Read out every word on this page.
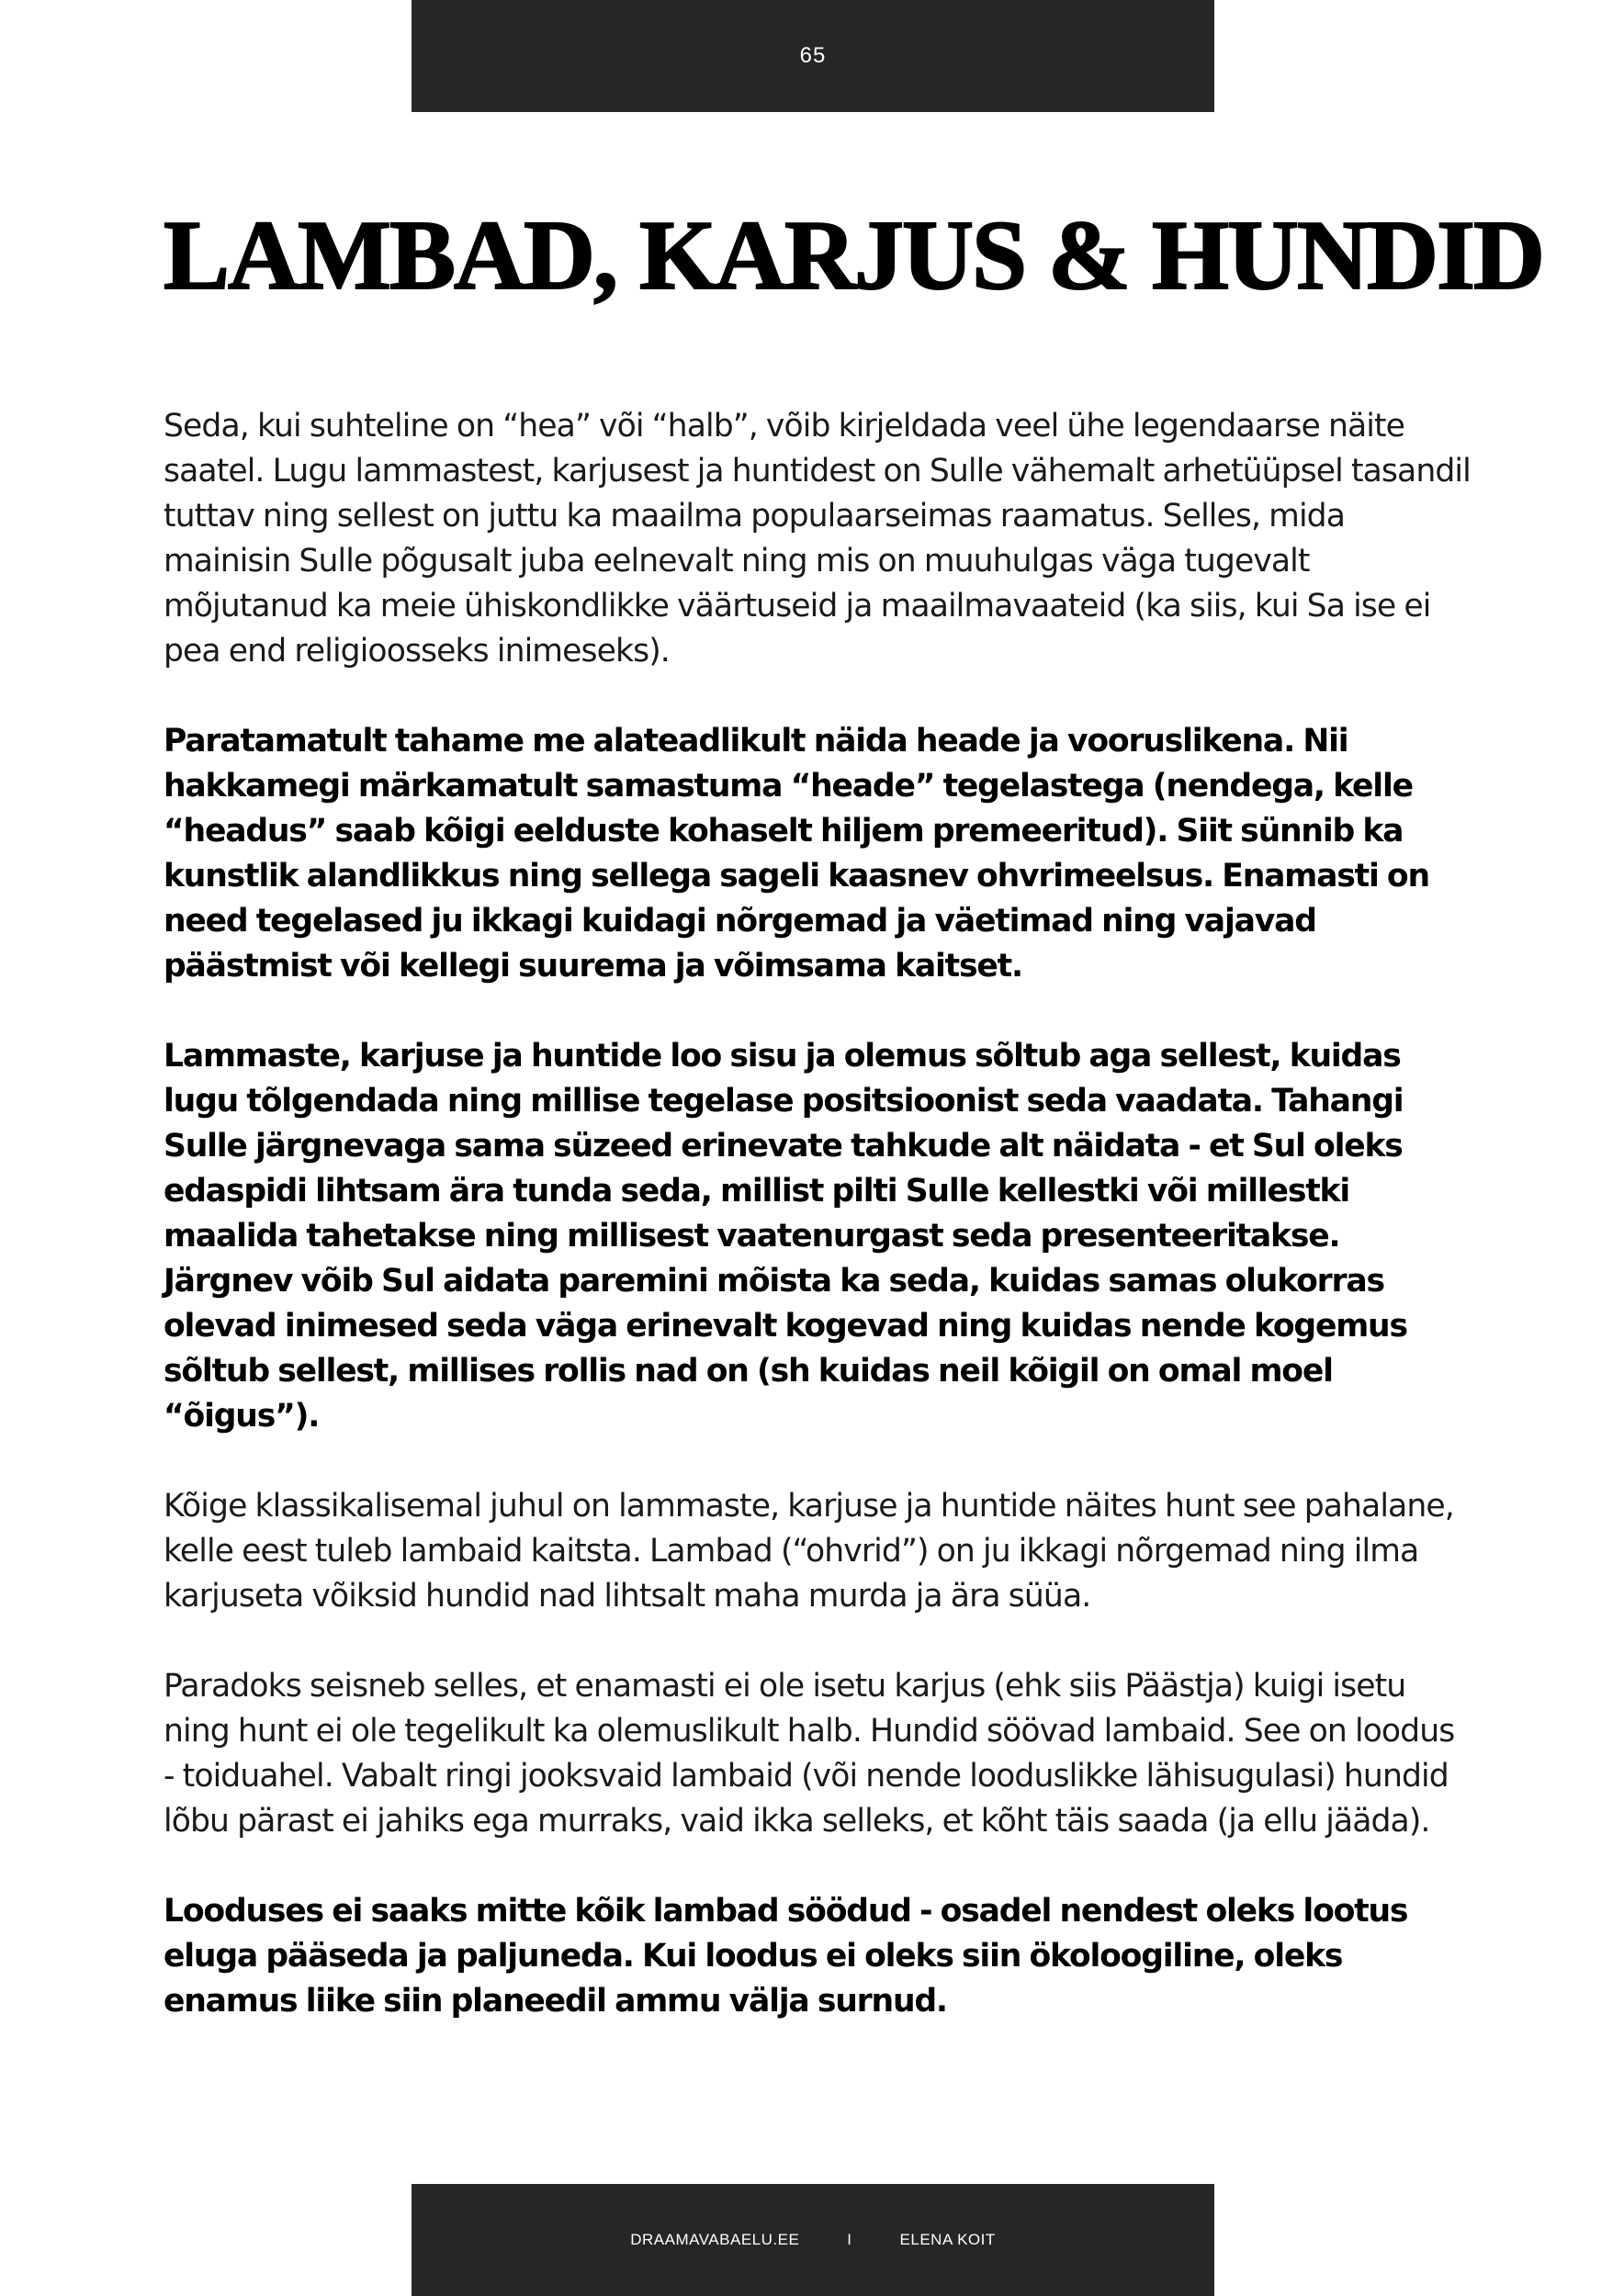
65
LAMBAD, KARJUS & HUNDID

Seda, kui suhteline on “hea” või “halb”, võib kirjeldada veel ühe legendaarse näite saatel. Lugu lammastest, karjusest ja huntidest on Sulle vähemalt arhetüüpsel tasandil tuttav ning sellest on juttu ka maailma populaarseimas raamatus. Selles, mida mainisin Sulle põgusalt juba eelnevalt ning mis on muuhulgas väga tugevalt mõjutanud ka meie ühiskondlikke väärtuseid ja maailmavaateid (ka siis, kui Sa ise ei pea end religioosseks inimeseks).

Paratamatult tahame me alateadlikult näida heade ja vooruslikena. Nii hakkamegi märkamatult samastuma “heade” tegelastega (nendega, kelle “headus” saab kõigi eelduste kohaselt hiljem premeeritud). Siit sünnib ka kunstlik alandlikkus ning sellega sageli kaasnev ohvrimeelsus. Enamasti on need tegelased ju ikkagi kuidagi nõrgemad ja väetimad ning vajavad päästmist või kellegi suurema ja võimsama kaitset.

Lammaste, karjuse ja huntide loo sisu ja olemus sõltub aga sellest, kuidas lugu tõlgendada ning millise tegelase positsioonist seda vaadata. Tahangi Sulle järgnevaga sama süzeed erinevate tahkude alt näidata - et Sul oleks edaspidi lihtsam ära tunda seda, millist pilti Sulle kellestki või millestki maalida tahetakse ning millisest vaatenurgast seda presenteeritakse. Järgnev võib Sul aidata paremini mõista ka seda, kuidas samas olukorras olevad inimesed seda väga erinevalt kogevad ning kuidas nende kogemus sõltub sellest, millises rollis nad on (sh kuidas neil kõigil on omal moel “õigus”).

Kõige klassikalisemal juhul on lammaste, karjuse ja huntide näites hunt see pahalane, kelle eest tuleb lambaid kaitsta. Lambad (“ohvrid”) on ju ikkagi nõrgemad ning ilma karjuseta võiksid hundid nad lihtsalt maha murda ja ära süüa.

Paradoks seisneb selles, et enamasti ei ole isetu karjus (ehk siis Päästja) kuigi isetu ning hunt ei ole tegelikult ka olemuslikult halb. Hundid söövad lambaid. See on loodus - toiduahel. Vabalt ringi jooksvaid lambaid (või nende looduslikke lähisugulasi) hundid lõbu pärast ei jahiks ega murraks, vaid ikka selleks, et kõht täis saada (ja ellu jääda).

Looduses ei saaks mitte kõik lambad söödud - osadel nendest oleks lootus eluga pääseda ja paljuneda. Kui loodus ei oleks siin ökoloogiline, oleks enamus liike siin planeedil ammu välja surnud.

DRAAMAVABAELU.EE	I	ELENA KOIT
